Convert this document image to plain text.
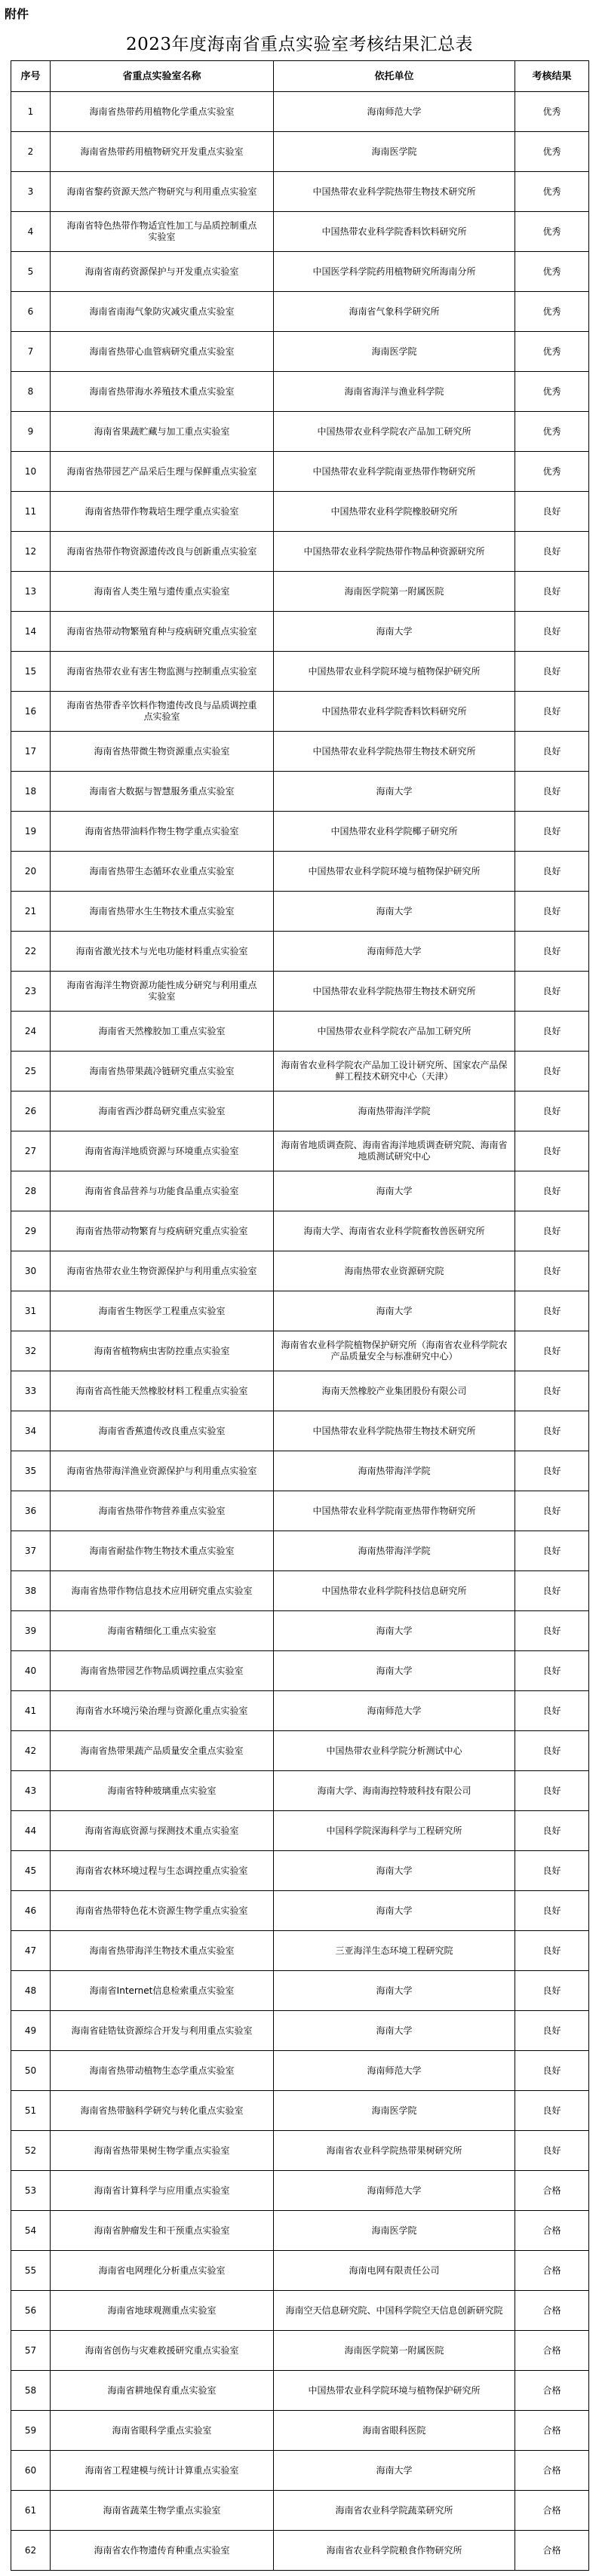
附件
2023年度海南省重点实验室考核结果汇总表
序号	省重点实验室名称	依托单位	考核结果
1	海南省热带药用植物化学重点实验室	海南师范大学	优秀
2	海南省热带药用植物研究开发重点实验室	海南医学院	优秀
3	海南省黎药资源天然产物研究与利用重点实验室	中国热带农业科学院热带生物技术研究所	优秀
4	海南省特色热带作物适宜性加工与品质控制重点实验室	中国热带农业科学院香料饮料研究所	优秀
5	海南省南药资源保护与开发重点实验室	中国医学科学院药用植物研究所海南分所	优秀
6	海南省南海气象防灾减灾重点实验室	海南省气象科学研究所	优秀
7	海南省热带心血管病研究重点实验室	海南医学院	优秀
8	海南省热带海水养殖技术重点实验室	海南省海洋与渔业科学院	优秀
9	海南省果蔬贮藏与加工重点实验室	中国热带农业科学院农产品加工研究所	优秀
10	海南省热带园艺产品采后生理与保鲜重点实验室	中国热带农业科学院南亚热带作物研究所	优秀
11	海南省热带作物栽培生理学重点实验室	中国热带农业科学院橡胶研究所	良好
12	海南省热带作物资源遗传改良与创新重点实验室	中国热带农业科学院热带作物品种资源研究所	良好
13	海南省人类生殖与遗传重点实验室	海南医学院第一附属医院	良好
14	海南省热带动物繁殖育种与疫病研究重点实验室	海南大学	良好
15	海南省热带农业有害生物监测与控制重点实验室	中国热带农业科学院环境与植物保护研究所	良好
16	海南省热带香辛饮料作物遗传改良与品质调控重点实验室	中国热带农业科学院香料饮料研究所	良好
17	海南省热带微生物资源重点实验室	中国热带农业科学院热带生物技术研究所	良好
18	海南省大数据与智慧服务重点实验室	海南大学	良好
19	海南省热带油料作物生物学重点实验室	中国热带农业科学院椰子研究所	良好
20	海南省热带生态循环农业重点实验室	中国热带农业科学院环境与植物保护研究所	良好
21	海南省热带水生生物技术重点实验室	海南大学	良好
22	海南省激光技术与光电功能材料重点实验室	海南师范大学	良好
23	海南省海洋生物资源功能性成分研究与利用重点实验室	中国热带农业科学院热带生物技术研究所	良好
24	海南省天然橡胶加工重点实验室	中国热带农业科学院农产品加工研究所	良好
25	海南省热带果蔬冷链研究重点实验室	海南省农业科学院农产品加工设计研究所、国家农产品保鲜工程技术研究中心（天津）	良好
26	海南省西沙群岛研究重点实验室	海南热带海洋学院	良好
27	海南省海洋地质资源与环境重点实验室	海南省地质调查院、海南省海洋地质调查研究院、海南省地质测试研究中心	良好
28	海南省食品营养与功能食品重点实验室	海南大学	良好
29	海南省热带动物繁育与疫病研究重点实验室	海南大学、海南省农业科学院畜牧兽医研究所	良好
30	海南省热带农业生物资源保护与利用重点实验室	海南热带农业资源研究院	良好
31	海南省生物医学工程重点实验室	海南大学	良好
32	海南省植物病虫害防控重点实验室	海南省农业科学院植物保护研究所（海南省农业科学院农产品质量安全与标准研究中心）	良好
33	海南省高性能天然橡胶材料工程重点实验室	海南天然橡胶产业集团股份有限公司	良好
34	海南省香蕉遗传改良重点实验室	中国热带农业科学院热带生物技术研究所	良好
35	海南省热带海洋渔业资源保护与利用重点实验室	海南热带海洋学院	良好
36	海南省热带作物营养重点实验室	中国热带农业科学院南亚热带作物研究所	良好
37	海南省耐盐作物生物技术重点实验室	海南热带海洋学院	良好
38	海南省热带作物信息技术应用研究重点实验室	中国热带农业科学院科技信息研究所	良好
39	海南省精细化工重点实验室	海南大学	良好
40	海南省热带园艺作物品质调控重点实验室	海南大学	良好
41	海南省水环境污染治理与资源化重点实验室	海南师范大学	良好
42	海南省热带果蔬产品质量安全重点实验室	中国热带农业科学院分析测试中心	良好
43	海南省特种玻璃重点实验室	海南大学、海南海控特玻科技有限公司	良好
44	海南省海底资源与探测技术重点实验室	中国科学院深海科学与工程研究所	良好
45	海南省农林环境过程与生态调控重点实验室	海南大学	良好
46	海南省热带特色花木资源生物学重点实验室	海南大学	良好
47	海南省热带海洋生物技术重点实验室	三亚海洋生态环境工程研究院	良好
48	海南省Internet信息检索重点实验室	海南大学	良好
49	海南省硅锆钛资源综合开发与利用重点实验室	海南大学	良好
50	海南省热带动植物生态学重点实验室	海南师范大学	良好
51	海南省热带脑科学研究与转化重点实验室	海南医学院	良好
52	海南省热带果树生物学重点实验室	海南省农业科学院热带果树研究所	良好
53	海南省计算科学与应用重点实验室	海南师范大学	合格
54	海南省肿瘤发生和干预重点实验室	海南医学院	合格
55	海南省电网理化分析重点实验室	海南电网有限责任公司	合格
56	海南省地球观测重点实验室	海南空天信息研究院、中国科学院空天信息创新研究院	合格
57	海南省创伤与灾难救援研究重点实验室	海南医学院第一附属医院	合格
58	海南省耕地保育重点实验室	中国热带农业科学院环境与植物保护研究所	合格
59	海南省眼科学重点实验室	海南省眼科医院	合格
60	海南省工程建模与统计计算重点实验室	海南大学	合格
61	海南省蔬菜生物学重点实验室	海南省农业科学院蔬菜研究所	合格
62	海南省农作物遗传育种重点实验室	海南省农业科学院粮食作物研究所	合格
